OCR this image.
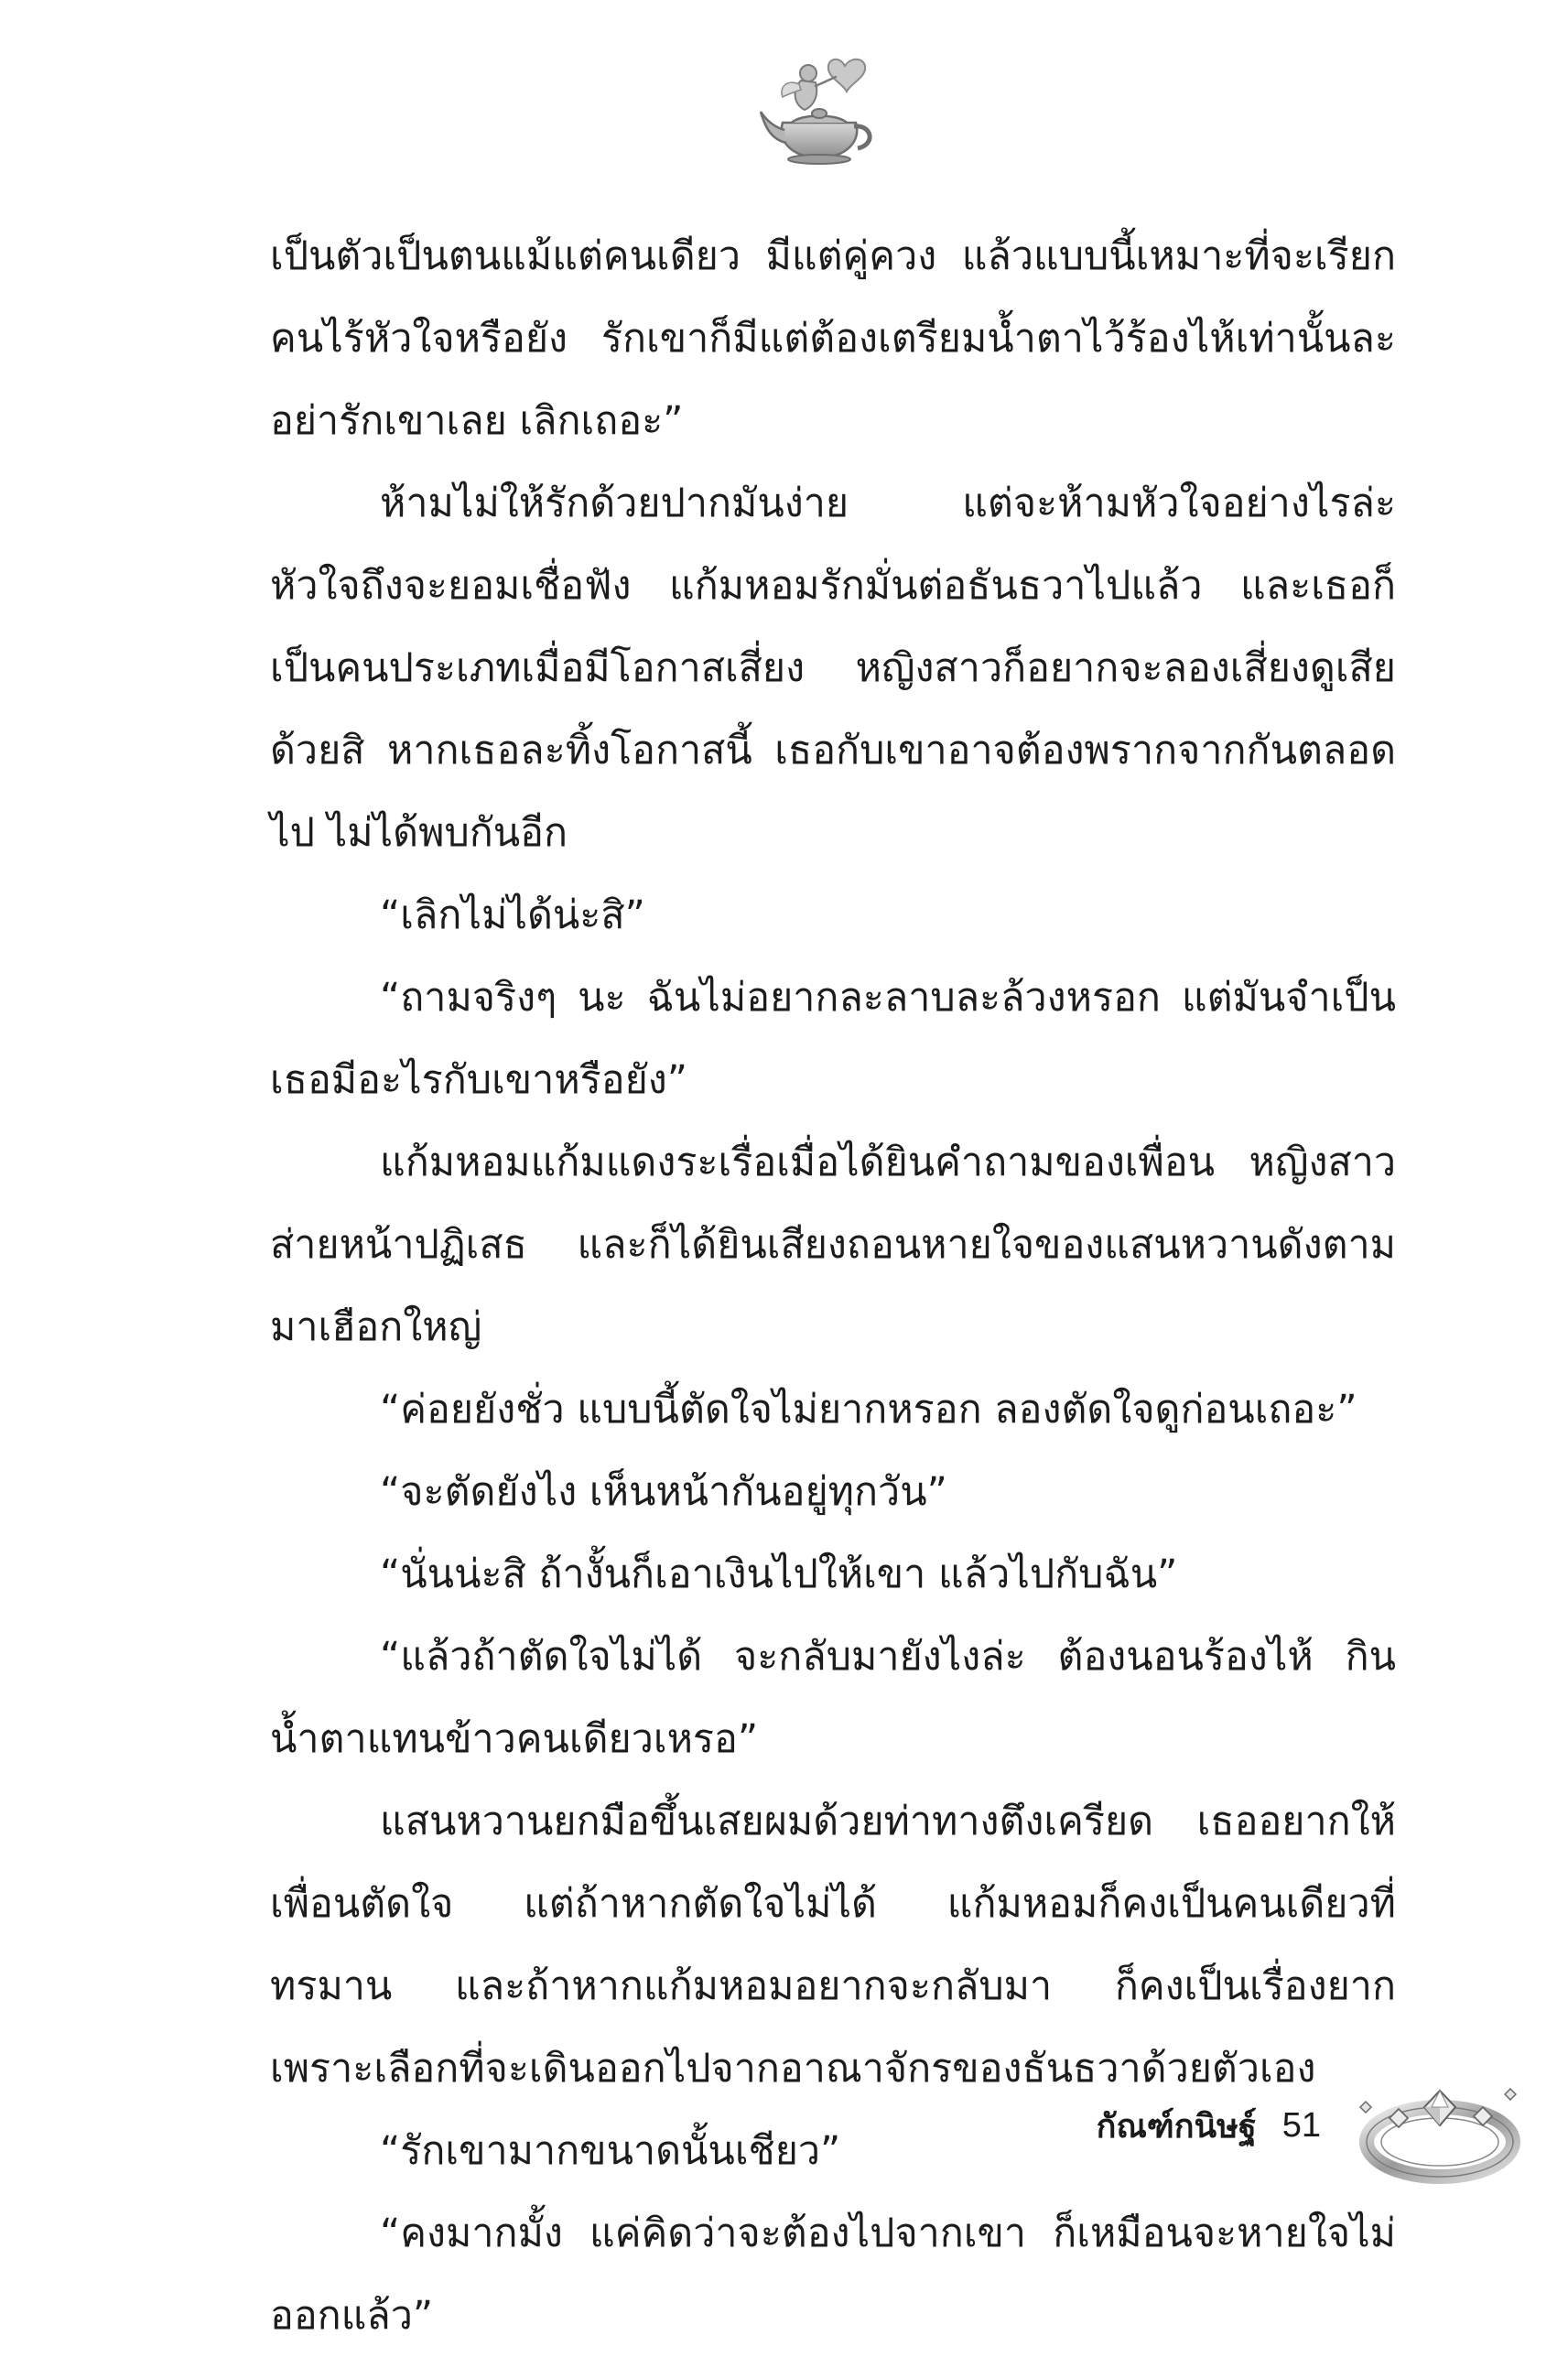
เป็นตัวเป็นตนแม้แต่คนเดียว มีแต่คู่ควง แล้วแบบนี้เหมาะที่จะเรียกคนไร้หัวใจหรือยัง รักเขาก็มีแต่ต้องเตรียมน้ำตาไว้ร้องไห้เท่านั้นละ อย่ารักเขาเลย เลิกเถอะ”

ห้ามไม่ให้รักด้วยปากมันง่าย แต่จะห้ามหัวใจอย่างไรล่ะ หัวใจถึงจะยอมเชื่อฟัง แก้มหอมรักมั่นต่อธันธวาไปแล้ว และเธอก็เป็นคนประเภทเมื่อมีโอกาสเสี่ยง หญิงสาวก็อยากจะลองเสี่ยงดูเสียด้วยสิ หากเธอละทิ้งโอกาสนี้ เธอกับเขาอาจต้องพรากจากกันตลอดไป ไม่ได้พบกันอีก

“เลิกไม่ได้น่ะสิ”

“ถามจริงๆ นะ ฉันไม่อยากละลาบละล้วงหรอก แต่มันจำเป็น เธอมีอะไรกับเขาหรือยัง”

แก้มหอมแก้มแดงระเรื่อเมื่อได้ยินคำถามของเพื่อน หญิงสาวส่ายหน้าปฏิเสธ และก็ได้ยินเสียงถอนหายใจของแสนหวานดังตามมาเฮือกใหญ่

“ค่อยยังชั่ว แบบนี้ตัดใจไม่ยากหรอก ลองตัดใจดูก่อนเถอะ”

“จะตัดยังไง เห็นหน้ากันอยู่ทุกวัน”

“นั่นน่ะสิ ถ้างั้นก็เอาเงินไปให้เขา แล้วไปกับฉัน”

“แล้วถ้าตัดใจไม่ได้ จะกลับมายังไงล่ะ ต้องนอนร้องไห้ กินน้ำตาแทนข้าวคนเดียวเหรอ”

แสนหวานยกมือขึ้นเสยผมด้วยท่าทางตึงเครียด เธออยากให้เพื่อนตัดใจ แต่ถ้าหากตัดใจไม่ได้ แก้มหอมก็คงเป็นคนเดียวที่ทรมาน และถ้าหากแก้มหอมอยากจะกลับมา ก็คงเป็นเรื่องยาก เพราะเลือกที่จะเดินออกไปจากอาณาจักรของธันธวาด้วยตัวเอง

“รักเขามากขนาดนั้นเชียว”

“คงมากมั้ง แค่คิดว่าจะต้องไปจากเขา ก็เหมือนจะหายใจไม่ออกแล้ว”

กัณฑ์กนิษฐ์ 51
